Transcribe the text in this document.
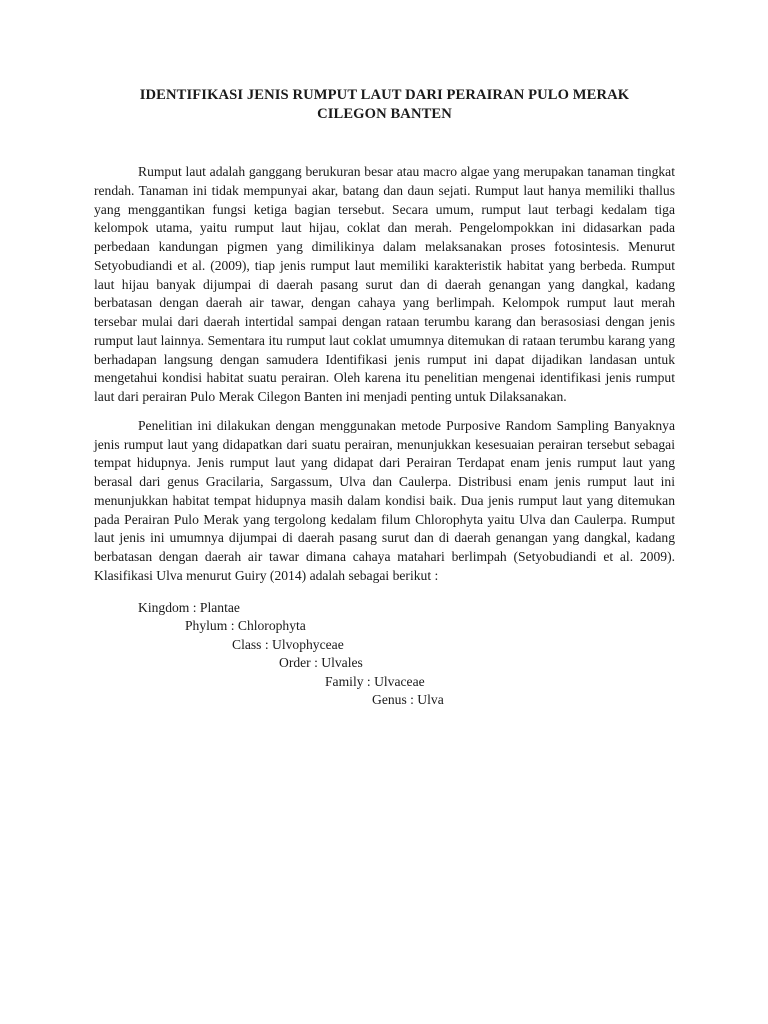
IDENTIFIKASI JENIS RUMPUT LAUT DARI PERAIRAN PULO MERAK
CILEGON BANTEN

Rumput laut adalah ganggang berukuran besar atau macro algae yang merupakan tanaman tingkat rendah. Tanaman ini tidak mempunyai akar, batang dan daun sejati. Rumput laut hanya memiliki thallus yang menggantikan fungsi ketiga bagian tersebut. Secara umum, rumput laut terbagi kedalam tiga kelompok utama, yaitu rumput laut hijau, coklat dan merah. Pengelompokkan ini didasarkan pada perbedaan kandungan pigmen yang dimilikinya dalam melaksanakan proses fotosintesis. Menurut Setyobudiandi et al. (2009), tiap jenis rumput laut memiliki karakteristik habitat yang berbeda. Rumput laut hijau banyak dijumpai di daerah pasang surut dan di daerah genangan yang dangkal, kadang berbatasan dengan daerah air tawar, dengan cahaya yang berlimpah. Kelompok rumput laut merah tersebar mulai dari daerah intertidal sampai dengan rataan terumbu karang dan berasosiasi dengan jenis rumput laut lainnya. Sementara itu rumput laut coklat umumnya ditemukan di rataan terumbu karang yang berhadapan langsung dengan samudera Identifikasi jenis rumput ini dapat dijadikan landasan untuk mengetahui kondisi habitat suatu perairan. Oleh karena itu penelitian mengenai identifikasi jenis rumput laut dari perairan Pulo Merak Cilegon Banten ini menjadi penting untuk Dilaksanakan.

Penelitian ini dilakukan dengan menggunakan metode Purposive Random Sampling Banyaknya jenis rumput laut yang didapatkan dari suatu perairan, menunjukkan kesesuaian perairan tersebut sebagai tempat hidupnya. Jenis rumput laut yang didapat dari Perairan Terdapat enam jenis rumput laut yang berasal dari genus Gracilaria, Sargassum, Ulva dan Caulerpa. Distribusi enam jenis rumput laut ini menunjukkan habitat tempat hidupnya masih dalam kondisi baik. Dua jenis rumput laut yang ditemukan pada Perairan Pulo Merak yang tergolong kedalam filum Chlorophyta yaitu Ulva dan Caulerpa. Rumput laut jenis ini umumnya dijumpai di daerah pasang surut dan di daerah genangan yang dangkal, kadang berbatasan dengan daerah air tawar dimana cahaya matahari berlimpah (Setyobudiandi et al. 2009). Klasifikasi Ulva menurut Guiry (2014) adalah sebagai berikut :

Kingdom : Plantae
Phylum : Chlorophyta
Class : Ulvophyceae
Order : Ulvales
Family : Ulvaceae
Genus : Ulva
